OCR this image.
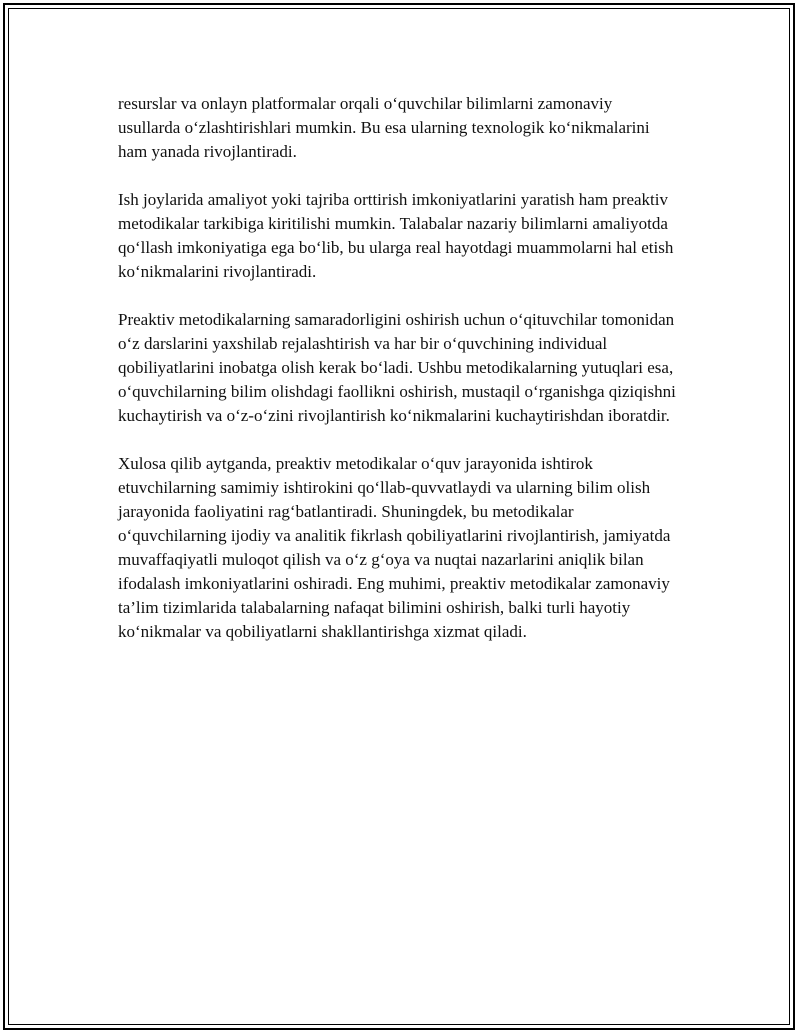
resurslar va onlayn platformalar orqali o‘quvchilar bilimlarni zamonaviy usullarda o‘zlashtirishlari mumkin. Bu esa ularning texnologik ko‘nikmalarini ham yanada rivojlantiradi.

Ish joylarida amaliyot yoki tajriba orttirish imkoniyatlarini yaratish ham preaktiv metodikalar tarkibiga kiritilishi mumkin. Talabalar nazariy bilimlarni amaliyotda qo‘llash imkoniyatiga ega bo‘lib, bu ularga real hayotdagi muammolarni hal etish ko‘nikmalarini rivojlantiradi.

Preaktiv metodikalarning samaradorligini oshirish uchun o‘qituvchilar tomonidan o‘z darslarini yaxshilab rejalashtirish va har bir o‘quvchining individual qobiliyatlarini inobatga olish kerak bo‘ladi. Ushbu metodikalarning yutuqlari esa, o‘quvchilarning bilim olishdagi faollikni oshirish, mustaqil o‘rganishga qiziqishni kuchaytirish va o‘z-o‘zini rivojlantirish ko‘nikmalarini kuchaytirishdan iboratdir.

Xulosa qilib aytganda, preaktiv metodikalar o‘quv jarayonida ishtirok etuvchilarning samimiy ishtirokini qo‘llab-quvvatlaydi va ularning bilim olish jarayonida faoliyatini rag‘batlantiradi. Shuningdek, bu metodikalar o‘quvchilarning ijodiy va analitik fikrlash qobiliyatlarini rivojlantirish, jamiyatda muvaffaqiyatli muloqot qilish va o‘z g‘oya va nuqtai nazarlarini aniqlik bilan ifodalash imkoniyatlarini oshiradi. Eng muhimi, preaktiv metodikalar zamonaviy ta’lim tizimlarida talabalarning nafaqat bilimini oshirish, balki turli hayotiy ko‘nikmalar va qobiliyatlarni shakllantirishga xizmat qiladi.
